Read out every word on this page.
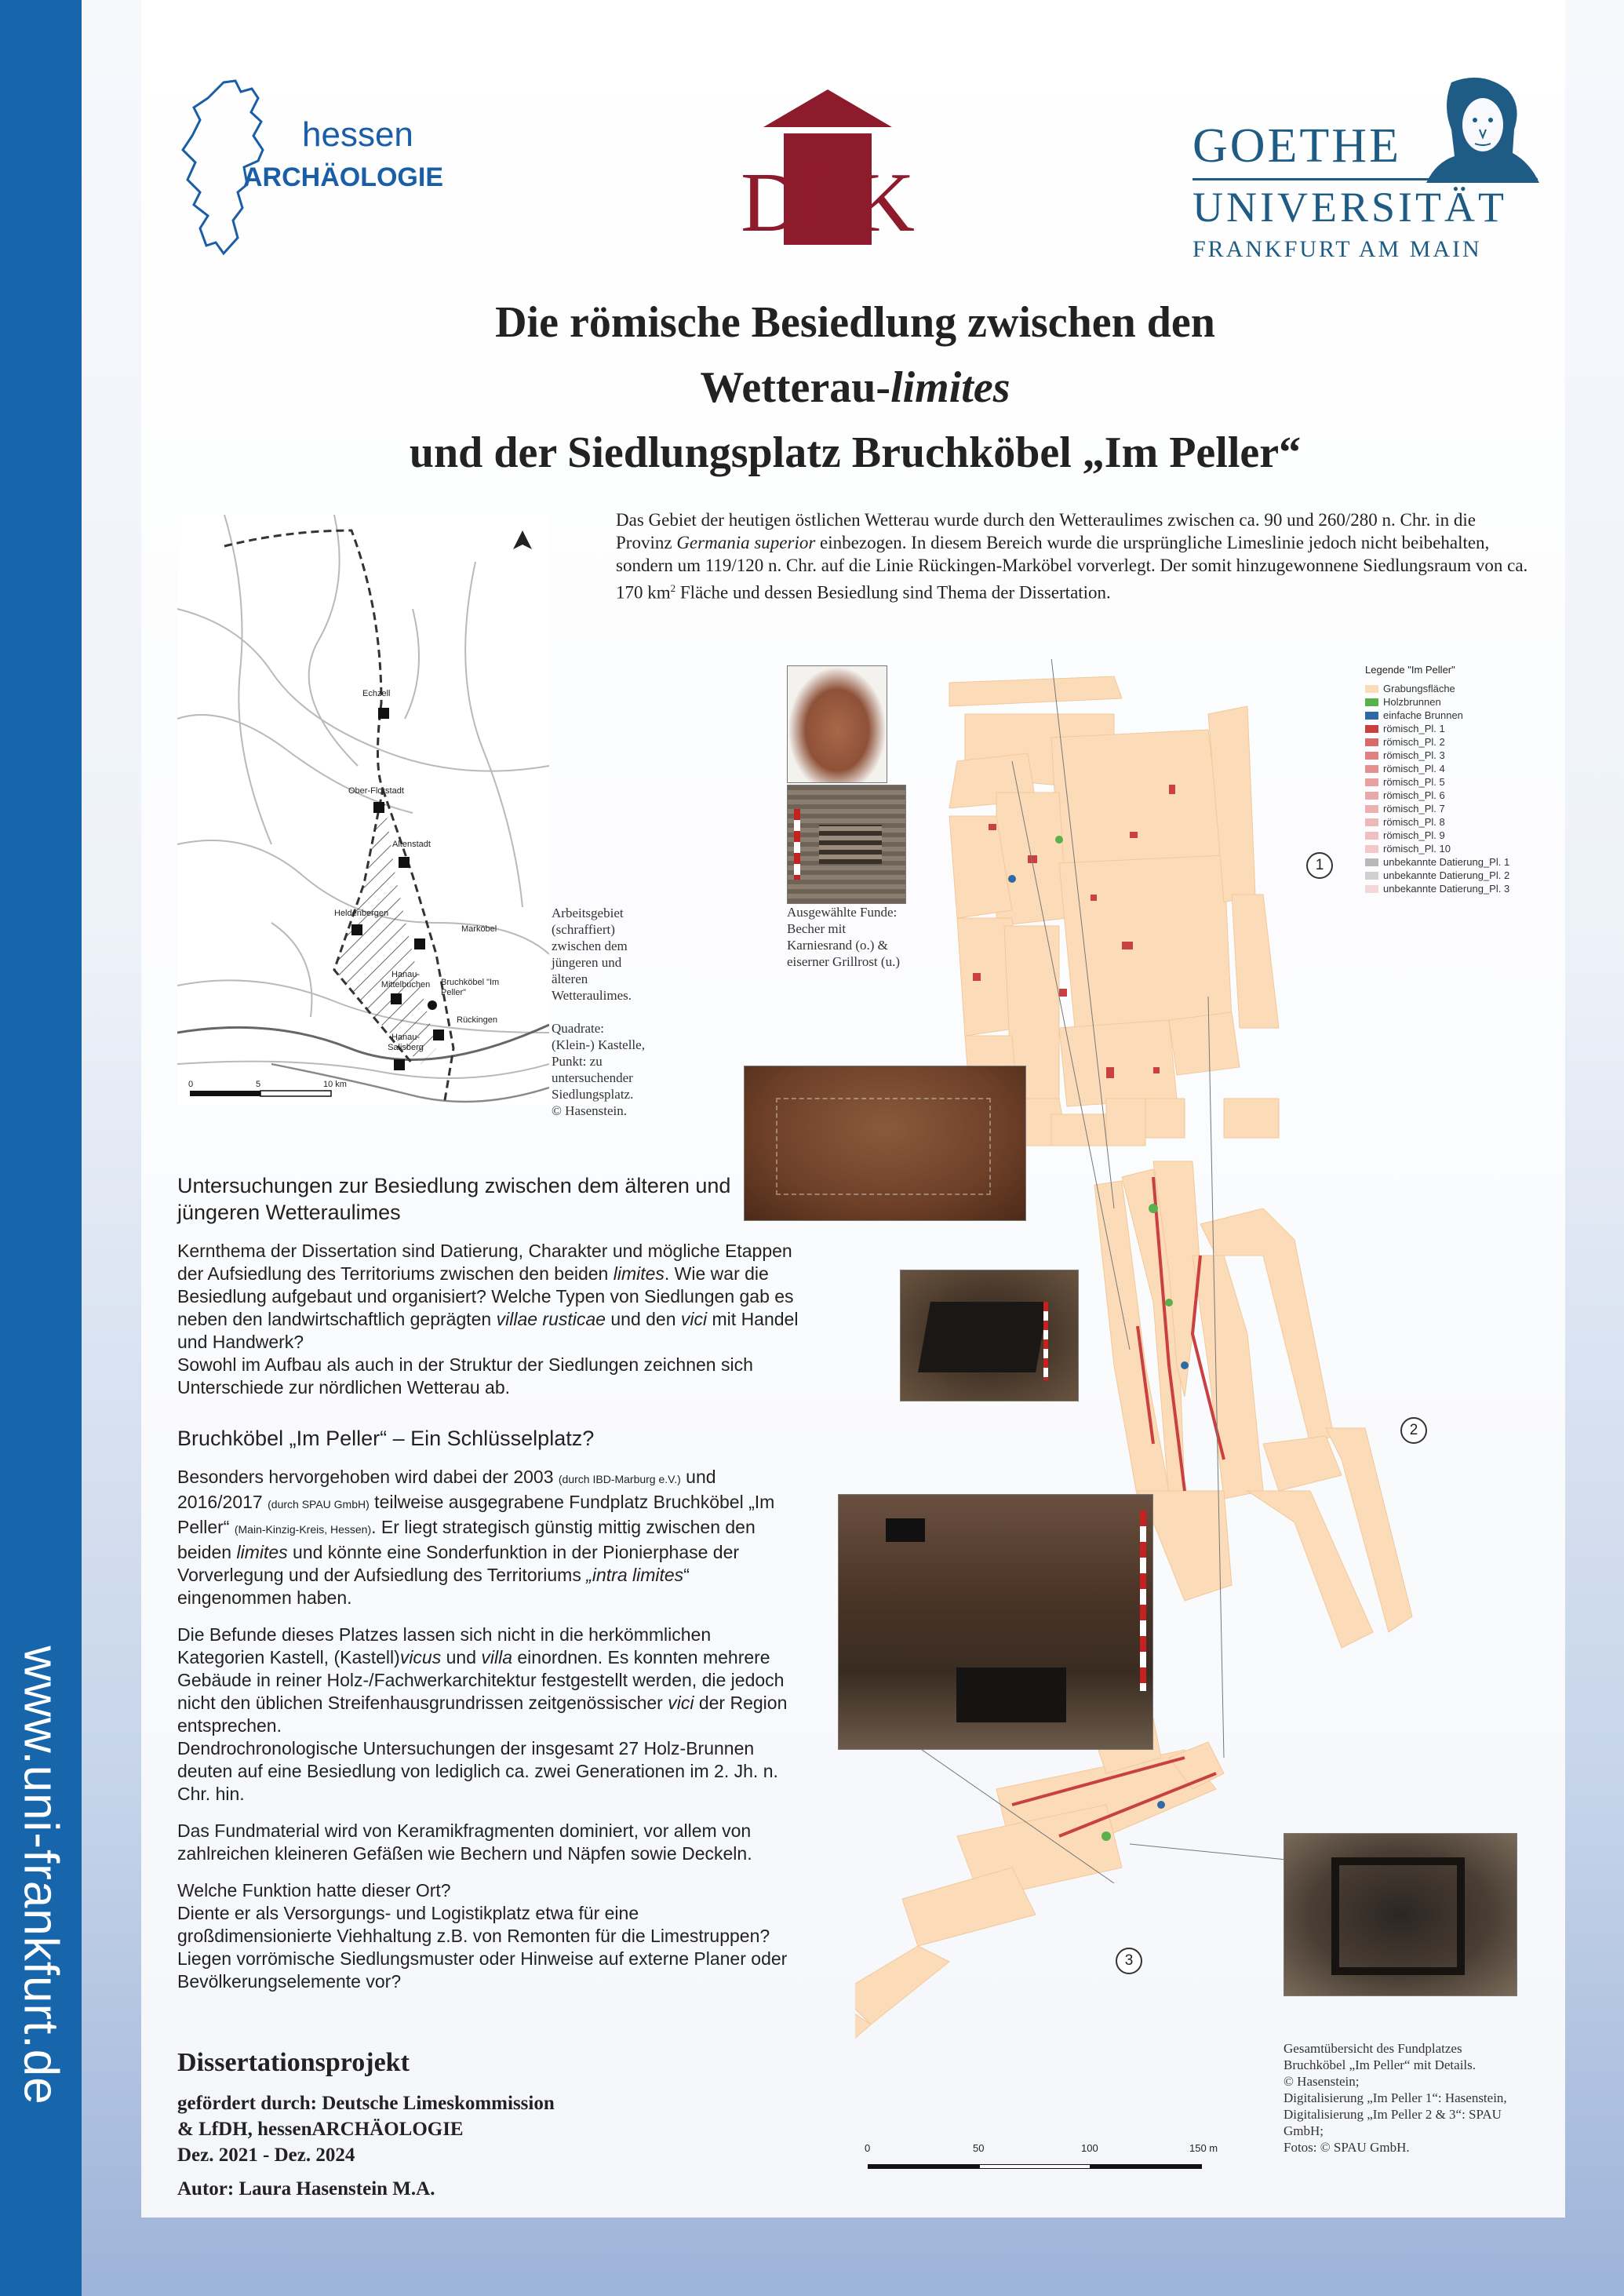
www.uni-frankfurt.de
hessen
ARCHÄOLOGIE	DLK
GOETHE
UNIVERSITÄT
FRANKFURT AM MAIN
Die römische Besiedlung zwischen den
Wetterau-limites
und der Siedlungsplatz Bruchköbel „Im Peller“
Das Gebiet der heutigen östlichen Wetterau wurde durch den Wetteraulimes zwischen ca. 90 und 260/280 n. Chr. in die Provinz Germania superior einbezogen. In diesem Bereich wurde die ursprüngliche Limeslinie jedoch nicht beibehalten, sondern um 119/120 n. Chr. auf die Linie Rückingen-Marköbel vorverlegt. Der somit hinzugewonnene Siedlungsraum von ca. 170 $km^2$ Fläche und dessen Besiedlung sind Thema der Dissertation.
Echzell
Ober-Florstadt
Altenstadt
Heldenbergen
Marköbel
Hanau-Mittelbuchen	Bruchköbel "Im Peller"
Rückingen
Hanau-Salisberg
0	5	10 km
Arbeitsgebiet (schraffiert) zwischen dem jüngeren und älteren Wetteraulimes.
Quadrate: (Klein-) Kastelle, Punkt: zu untersuchender Siedlungsplatz. © Hasenstein.
Ausgewählte Funde: Becher mit Karniesrand (o.) & eiserner Grillrost (u.)
1
2
3
Legende "Im Peller"
Grabungsfläche
Holzbrunnen
einfache Brunnen
römisch_Pl. 1
römisch_Pl. 2
römisch_Pl. 3
römisch_Pl. 4
römisch_Pl. 5
römisch_Pl. 6
römisch_Pl. 7
römisch_Pl. 8
römisch_Pl. 9
römisch_Pl. 10
unbekannte Datierung_Pl. 1
unbekannte Datierung_Pl. 2
unbekannte Datierung_Pl. 3
Untersuchungen zur Besiedlung zwischen dem älteren und jüngeren Wetteraulimes

Kernthema der Dissertation sind Datierung, Charakter und mögliche Etappen der Aufsiedlung des Territoriums zwischen den beiden limites. Wie war die Besiedlung aufgebaut und organisiert? Welche Typen von Siedlungen gab es neben den landwirtschaftlich geprägten villae rusticae und den vici mit Handel und Handwerk?
Sowohl im Aufbau als auch in der Struktur der Siedlungen zeichnen sich Unterschiede zur nördlichen Wetterau ab.

Bruchköbel „Im Peller“ – Ein Schlüsselplatz?

Besonders hervorgehoben wird dabei der 2003 (durch IBD-Marburg e.V.) und 2016/2017 (durch SPAU GmbH) teilweise ausgegrabene Fundplatz Bruchköbel „Im Peller“ (Main-Kinzig-Kreis, Hessen). Er liegt strategisch günstig mittig zwischen den beiden limites und könnte eine Sonderfunktion in der Pionierphase der Vorverlegung und der Aufsiedlung des Territoriums „intra limites“ eingenommen haben.

Die Befunde dieses Platzes lassen sich nicht in die herkömmlichen Kategorien Kastell, (Kastell)vicus und villa einordnen. Es konnten mehrere Gebäude in reiner Holz-/Fachwerkarchitektur festgestellt werden, die jedoch nicht den üblichen Streifenhausgrundrissen zeitgenössischer vici der Region entsprechen.
Dendrochronologische Untersuchungen der insgesamt 27 Holz-Brunnen deuten auf eine Besiedlung von lediglich ca. zwei Generationen im 2. Jh. n. Chr. hin.

Das Fundmaterial wird von Keramikfragmenten dominiert, vor allem von zahlreichen kleineren Gefäßen wie Bechern und Näpfen sowie Deckeln.

Welche Funktion hatte dieser Ort?
Diente er als Versorgungs- und Logistikplatz etwa für eine großdimensionierte Viehhaltung z.B. von Remonten für die Limestruppen? Liegen vorrömische Siedlungsmuster oder Hinweise auf externe Planer oder Bevölkerungselemente vor?

Dissertationsprojekt
gefördert durch: Deutsche Limeskommission
& LfDH, hessenARCHÄOLOGIE
Dez. 2021 - Dez. 2024
Autor: Laura Hasenstein M.A.
0	50	100	150 m
Gesamtübersicht des Fundplatzes Bruchköbel „Im Peller“ mit Details.
© Hasenstein;
Digitalisierung „Im Peller 1“: Hasenstein,
Digitalisierung „Im Peller 2 & 3“: SPAU GmbH;
Fotos: © SPAU GmbH.
